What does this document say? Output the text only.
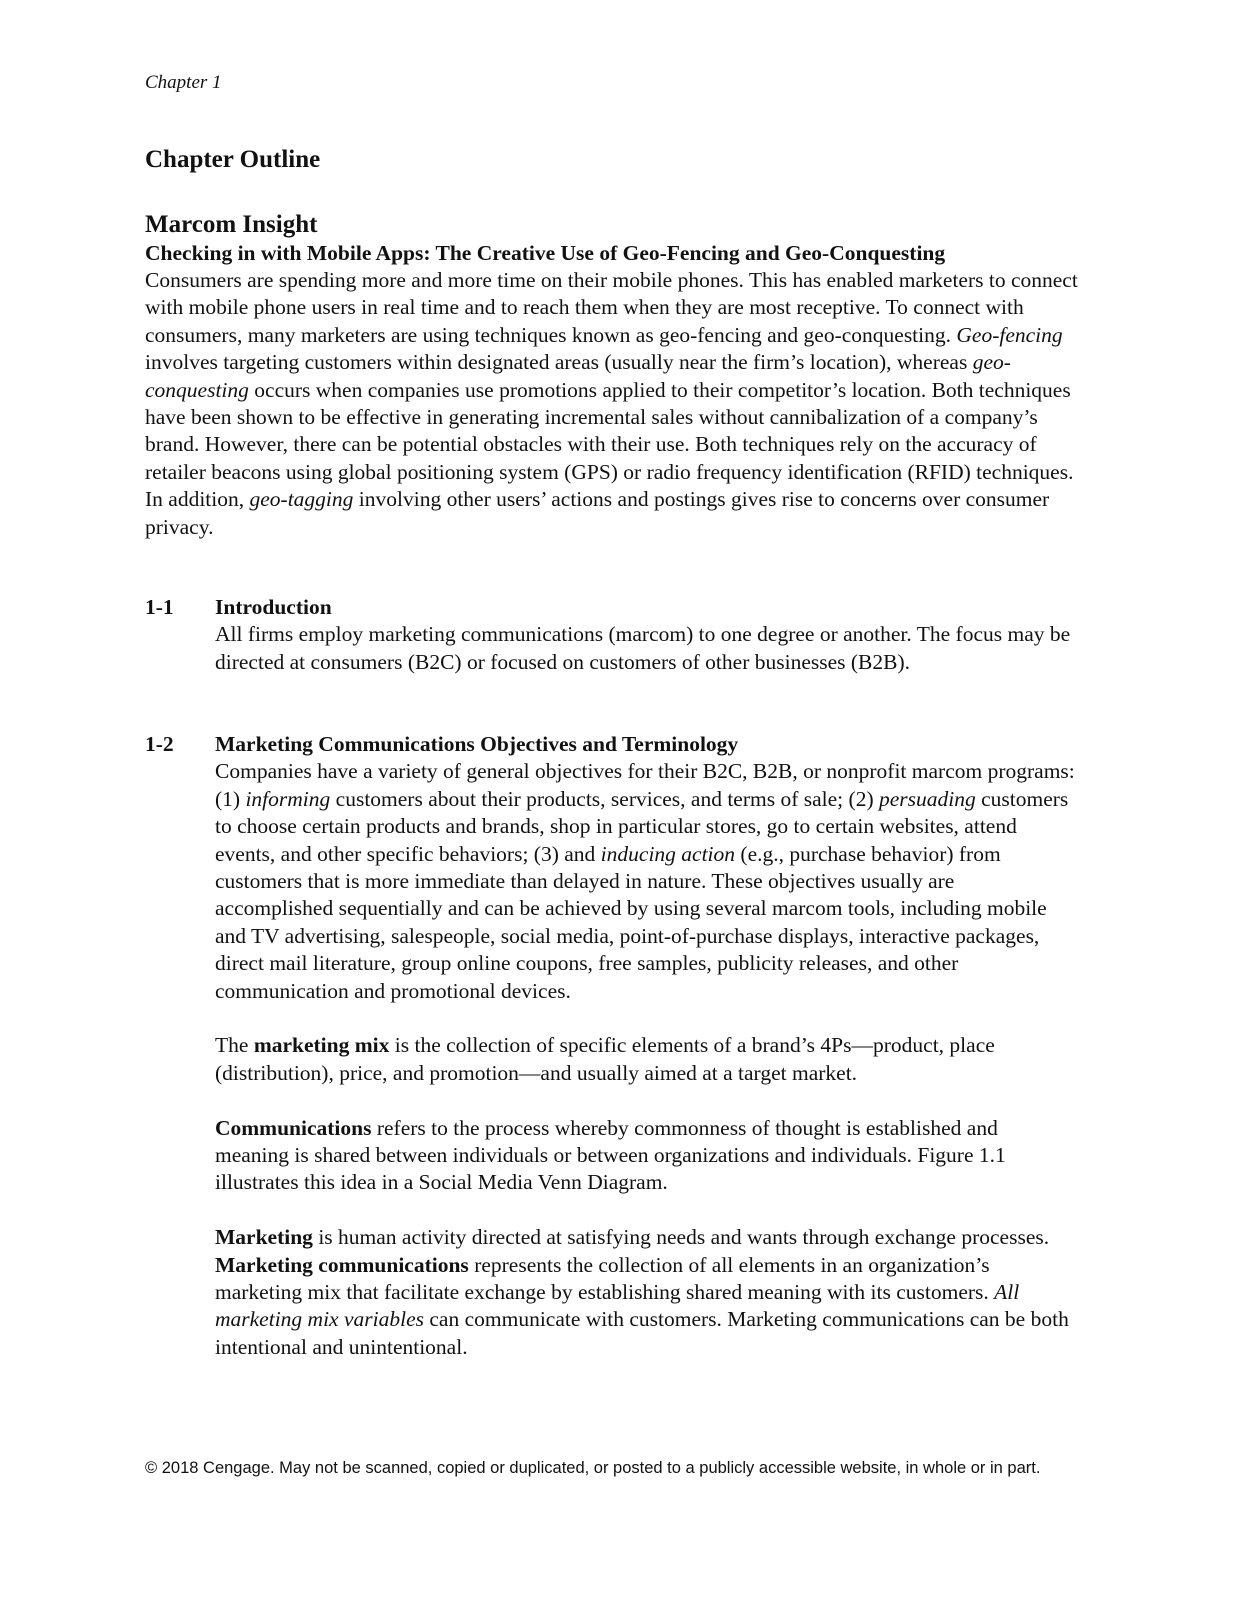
Chapter 1
Chapter Outline
Marcom Insight
Checking in with Mobile Apps: The Creative Use of Geo-Fencing and Geo-Conquesting

Consumers are spending more and more time on their mobile phones. This has enabled marketers to connect with mobile phone users in real time and to reach them when they are most receptive. To connect with consumers, many marketers are using techniques known as geo-fencing and geo-conquesting. Geo-fencing involves targeting customers within designated areas (usually near the firm’s location), whereas geo-conquesting occurs when companies use promotions applied to their competitor’s location. Both techniques have been shown to be effective in generating incremental sales without cannibalization of a company’s brand. However, there can be potential obstacles with their use. Both techniques rely on the accuracy of retailer beacons using global positioning system (GPS) or radio frequency identification (RFID) techniques. In addition, geo-tagging involving other users’ actions and postings gives rise to concerns over consumer privacy.

1-1 Introduction

All firms employ marketing communications (marcom) to one degree or another. The focus may be directed at consumers (B2C) or focused on customers of other businesses (B2B).

1-2 Marketing Communications Objectives and Terminology

Companies have a variety of general objectives for their B2C, B2B, or nonprofit marcom programs: (1) informing customers about their products, services, and terms of sale; (2) persuading customers to choose certain products and brands, shop in particular stores, go to certain websites, attend events, and other specific behaviors; (3) and inducing action (e.g., purchase behavior) from customers that is more immediate than delayed in nature. These objectives usually are accomplished sequentially and can be achieved by using several marcom tools, including mobile and TV advertising, salespeople, social media, point-of-purchase displays, interactive packages, direct mail literature, group online coupons, free samples, publicity releases, and other communication and promotional devices.

The marketing mix is the collection of specific elements of a brand’s 4Ps—product, place (distribution), price, and promotion—and usually aimed at a target market.

Communications refers to the process whereby commonness of thought is established and meaning is shared between individuals or between organizations and individuals. Figure 1.1 illustrates this idea in a Social Media Venn Diagram.

Marketing is human activity directed at satisfying needs and wants through exchange processes. Marketing communications represents the collection of all elements in an organization’s marketing mix that facilitate exchange by establishing shared meaning with its customers. All marketing mix variables can communicate with customers. Marketing communications can be both intentional and unintentional.

© 2018 Cengage. May not be scanned, copied or duplicated, or posted to a publicly accessible website, in whole or in part.
